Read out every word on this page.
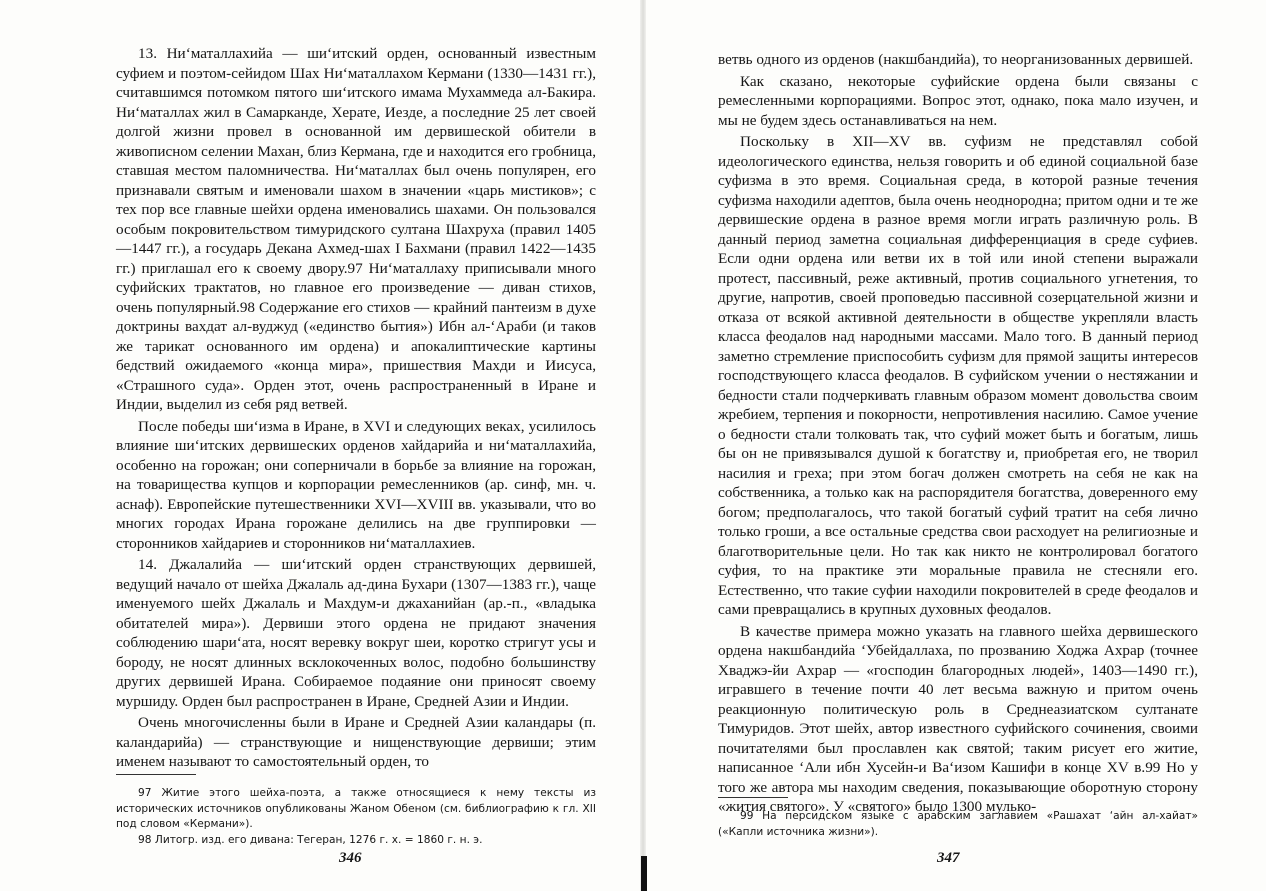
13. Ни‘маталлахийа — ши‘итский орден, основанный известным суфием и поэтом-сейидом Шах Ни‘маталлахом Кермани (1330—1431 гг.), считавшимся потомком пятого ши‘итского имама Мухаммеда ал-Бакира. Ни‘маталлах жил в Самарканде, Херате, Иезде, а последние 25 лет своей долгой жизни провел в основанной им дервишеской обители в живописном селении Махан, близ Кермана, где и находится его гробница, ставшая местом паломничества. Ни‘маталлах был очень популярен, его признавали святым и именовали шахом в значении «царь мистиков»; с тех пор все главные шейхи ордена именовались шахами. Он пользовался особым покровительством тимуридского султана Шахруха (правил 1405—1447 гг.), а государь Декана Ахмед-шах I Бахмани (правил 1422—1435 гг.) приглашал его к своему двору.97 Ни‘маталлаху приписывали много суфийских трактатов, но главное его произведение — диван стихов, очень популярный.98 Содержание его стихов — крайний пантеизм в духе доктрины вахдат ал-вуджуд («единство бытия») Ибн ал-‘Араби (и таков же тарикат основанного им ордена) и апокалиптические картины бедствий ожидаемого «конца мира», пришествия Махди и Иисуса, «Страшного суда». Орден этот, очень распространенный в Иране и Индии, выделил из себя ряд ветвей.

После победы ши‘изма в Иране, в XVI и следующих веках, усилилось влияние ши‘итских дервишеских орденов хайдарийа и ни‘маталлахийа, особенно на горожан; они соперничали в борьбе за влияние на горожан, на товарищества купцов и корпорации ремесленников (ар. синф, мн. ч. аснаф). Европейские путешественники XVI—XVIII вв. указывали, что во многих городах Ирана горожане делились на две группировки — сторонников хайдариев и сторонников ни‘маталлахиев.

14. Джалалийа — ши‘итский орден странствующих дервишей, ведущий начало от шейха Джалаль ад-дина Бухари (1307—1383 гг.), чаще именуемого шейх Джалаль и Махдум-и джаханийан (ар.-п., «владыка обитателей мира»). Дервиши этого ордена не придают значения соблюдению шари‘ата, носят веревку вокруг шеи, коротко стригут усы и бороду, не носят длинных всклокоченных волос, подобно большинству других дервишей Ирана. Собираемое подаяние они приносят своему муршиду. Орден был распространен в Иране, Средней Азии и Индии.

Очень многочисленны были в Иране и Средней Азии каландары (п. каландарийа) — странствующие и нищенствующие дервиши; этим именем называют то самостоятельный орден, то

97 Житие этого шейха-поэта, а также относящиеся к нему тексты из исторических источников опубликованы Жаном Обеном (см. библиографию к гл. XII под словом «Кермани»).

98 Литогр. изд. его дивана: Тегеран, 1276 г. х. = 1860 г. н. э.

346

ветвь одного из орденов (накшбандийа), то неорганизованных дервишей.

Как сказано, некоторые суфийские ордена были связаны с ремесленными корпорациями. Вопрос этот, однако, пока мало изучен, и мы не будем здесь останавливаться на нем.

Поскольку в XII—XV вв. суфизм не представлял собой идеологического единства, нельзя говорить и об единой социальной базе суфизма в это время. Социальная среда, в которой разные течения суфизма находили адептов, была очень неоднородна; притом одни и те же дервишеские ордена в разное время могли играть различную роль. В данный период заметна социальная дифференциация в среде суфиев. Если одни ордена или ветви их в той или иной степени выражали протест, пассивный, реже активный, против социального угнетения, то другие, напротив, своей проповедью пассивной созерцательной жизни и отказа от всякой активной деятельности в обществе укрепляли власть класса феодалов над народными массами. Мало того. В данный период заметно стремление приспособить суфизм для прямой защиты интересов господствующего класса феодалов. В суфийском учении о нестяжании и бедности стали подчеркивать главным образом момент довольства своим жребием, терпения и покорности, непротивления насилию. Самое учение о бедности стали толковать так, что суфий может быть и богатым, лишь бы он не привязывался душой к богатству и, приобретая его, не творил насилия и греха; при этом богач должен смотреть на себя не как на собственника, а только как на распорядителя богатства, доверенного ему богом; предполагалось, что такой богатый суфий тратит на себя лично только гроши, а все остальные средства свои расходует на религиозные и благотворительные цели. Но так как никто не контролировал богатого суфия, то на практике эти моральные правила не стесняли его. Естественно, что такие суфии находили покровителей в среде феодалов и сами превращались в крупных духовных феодалов.

В качестве примера можно указать на главного шейха дервишеского ордена накшбандийа ‘Убейдаллаха, по прозванию Ходжа Ахрар (точнее Хваджэ-йи Ахрар — «господин благородных людей», 1403—1490 гг.), игравшего в течение почти 40 лет весьма важную и притом очень реакционную политическую роль в Среднеазиатском султанате Тимуридов. Этот шейх, автор известного суфийского сочинения, своими почитателями был прославлен как святой; таким рисует его житие, написанное ‘Али ибн Хусейн-и Ва‘изом Кашифи в конце XV в.99 Но у того же автора мы находим сведения, показывающие оборотную сторону «жития святого». У «святого» было 1300 мулько-

99 На персидском языке с арабским заглавием «Рашахат ‘айн ал-хайат» («Капли источника жизни»).

347
